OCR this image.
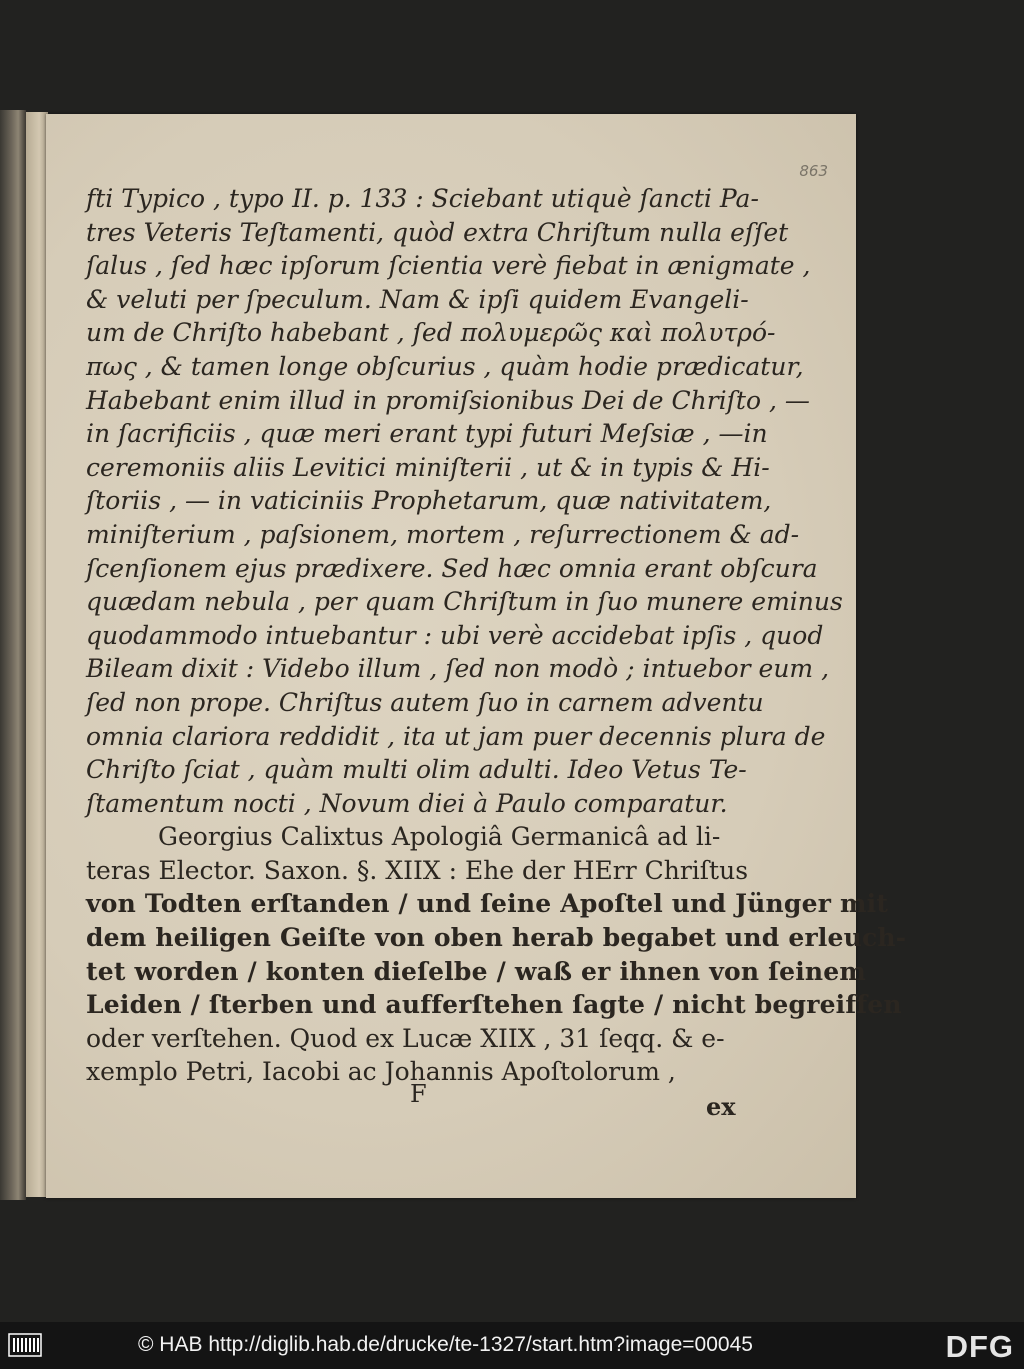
863
fti Typico , typo II. p. 133 : Sciebant utiquè ſancti Pa-
tres Veteris Teſtamenti, quòd extra Chriſtum nulla eſſet
ſalus , ſed hæc ipſorum ſcientia verè fiebat in ænigmate ,
& veluti per ſpeculum. Nam & ipſi quidem Evangeli-
um de Chriſto habebant , ſed πολυμερῶς καὶ πολυτρό-
πως , & tamen longe obſcurius , quàm hodie prædicatur,
Habebant enim illud in promiſsionibus Dei de Chriſto , —
in ſacrificiis , quæ meri erant typi futuri Meſsiæ , —in
ceremoniis aliis Levitici miniſterii , ut & in typis & Hi-
ſtoriis , — in vaticiniis Prophetarum, quæ nativitatem,
miniſterium , paſsionem, mortem , reſurrectionem & ad-
ſcenſionem ejus prædixere. Sed hæc omnia erant obſcura
quædam nebula , per quam Chriſtum in ſuo munere eminus
quodammodo intuebantur : ubi verè accidebat ipſis , quod
Bileam dixit : Videbo illum , ſed non modò ; intuebor eum ,
ſed non prope. Chriſtus autem ſuo in carnem adventu
omnia clariora reddidit , ita ut jam puer decennis plura de
Chriſto ſciat , quàm multi olim adulti. Ideo Vetus Te-
ſtamentum nocti , Novum diei à Paulo comparatur.
Georgius Calixtus Apologiâ Germanicâ ad li-
teras Elector. Saxon. §. XIIX : Ehe der HErr Chriſtus
von Todten erſtanden / und ſeine Apoſtel und Jünger mit
dem heiligen Geiſte von oben herab begabet und erleuch-
tet worden / konten dieſelbe / waß er ihnen von ſeinem
Leiden / ſterben und aufferſtehen ſagte / nicht begreiffen
oder verſtehen. Quod ex Lucæ XIIX , 31 ſeqq. & e-
xemplo Petri, Iacobi ac Johannis Apoſtolorum ,
F	ex
© HAB http://diglib.hab.de/drucke/te-1327/start.htm?image=00045	DFG
